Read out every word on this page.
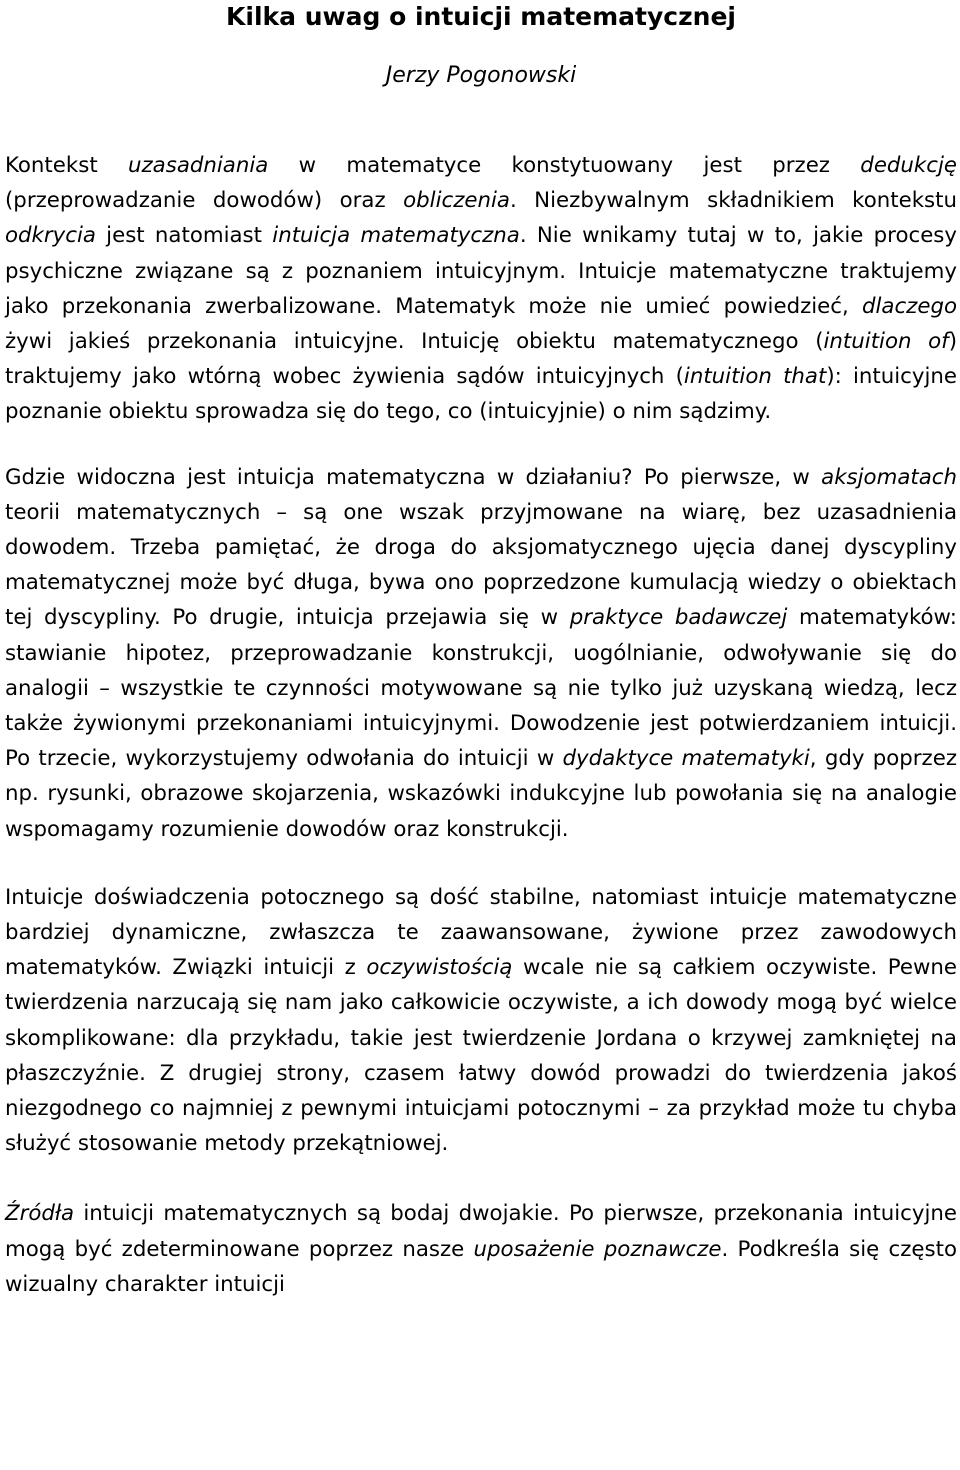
Kilka uwag o intuicji matematycznej
Jerzy Pogonowski

Kontekst uzasadniania w matematyce konstytuowany jest przez dedukcję (przeprowadzanie dowodów) oraz obliczenia. Niezbywalnym składnikiem kontekstu odkrycia jest natomiast intuicja matematyczna. Nie wnikamy tutaj w to, jakie procesy psychiczne związane są z poznaniem intuicyjnym. Intuicje matematyczne traktujemy jako przekonania zwerbalizowane. Matematyk może nie umieć powiedzieć, dlaczego żywi jakieś przekonania intuicyjne. Intuicję obiektu matematycznego (intuition of) traktujemy jako wtórną wobec żywienia sądów intuicyjnych (intuition that): intuicyjne poznanie obiektu sprowadza się do tego, co (intuicyjnie) o nim sądzimy.

Gdzie widoczna jest intuicja matematyczna w działaniu? Po pierwsze, w aksjomatach teorii matematycznych – są one wszak przyjmowane na wiarę, bez uzasadnienia dowodem. Trzeba pamiętać, że droga do aksjomatycznego ujęcia danej dyscypliny matematycznej może być długa, bywa ono poprzedzone kumulacją wiedzy o obiektach tej dyscypliny. Po drugie, intuicja przejawia się w praktyce badawczej matematyków: stawianie hipotez, przeprowadzanie konstrukcji, uogólnianie, odwoływanie się do analogii – wszystkie te czynności motywowane są nie tylko już uzyskaną wiedzą, lecz także żywionymi przekonaniami intuicyjnymi. Dowodzenie jest potwierdzaniem intuicji. Po trzecie, wykorzystujemy odwołania do intuicji w dydaktyce matematyki, gdy poprzez np. rysunki, obrazowe skojarzenia, wskazówki indukcyjne lub powołania się na analogie wspomagamy rozumienie dowodów oraz konstrukcji.

Intuicje doświadczenia potocznego są dość stabilne, natomiast intuicje matematyczne bardziej dynamiczne, zwłaszcza te zaawansowane, żywione przez zawodowych matematyków. Związki intuicji z oczywistością wcale nie są całkiem oczywiste. Pewne twierdzenia narzucają się nam jako całkowicie oczywiste, a ich dowody mogą być wielce skomplikowane: dla przykładu, takie jest twierdzenie Jordana o krzywej zamkniętej na płaszczyźnie. Z drugiej strony, czasem łatwy dowód prowadzi do twierdzenia jakoś niezgodnego co najmniej z pewnymi intuicjami potocznymi – za przykład może tu chyba służyć stosowanie metody przekątniowej.

Źródła intuicji matematycznych są bodaj dwojakie. Po pierwsze, przekonania intuicyjne mogą być zdeterminowane poprzez nasze uposażenie poznawcze. Podkreśla się często wizualny charakter intuicji
